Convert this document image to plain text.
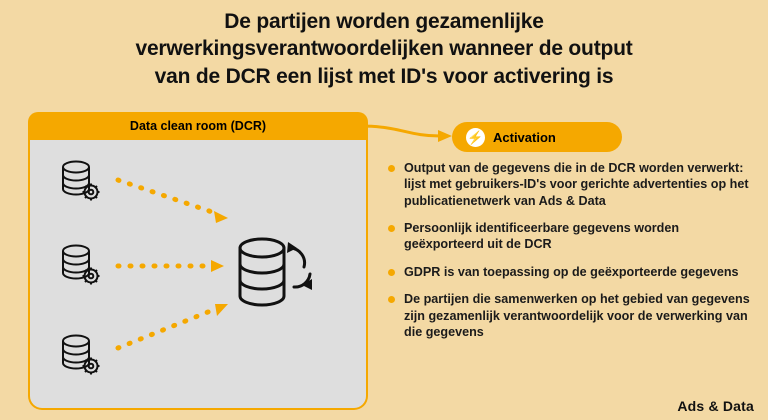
De partijen worden gezamenlijke
verwerkingsverantwoordelijken wanneer de output
van de DCR een lijst met ID's voor activering is
Data clean room (DCR)
⚡ Activation
Output van de gegevens die in de DCR worden verwerkt: lijst met gebruikers-ID's voor gerichte advertenties op het publicatienetwerk van Ads & Data
Persoonlijk identificeerbare gegevens worden geëxporteerd uit de DCR
GDPR is van toepassing op de geëxporteerde gegevens
De partijen die samenwerken op het gebied van gegevens zijn gezamenlijk verantwoordelijk voor de verwerking van die gegevens
Ads & Data
